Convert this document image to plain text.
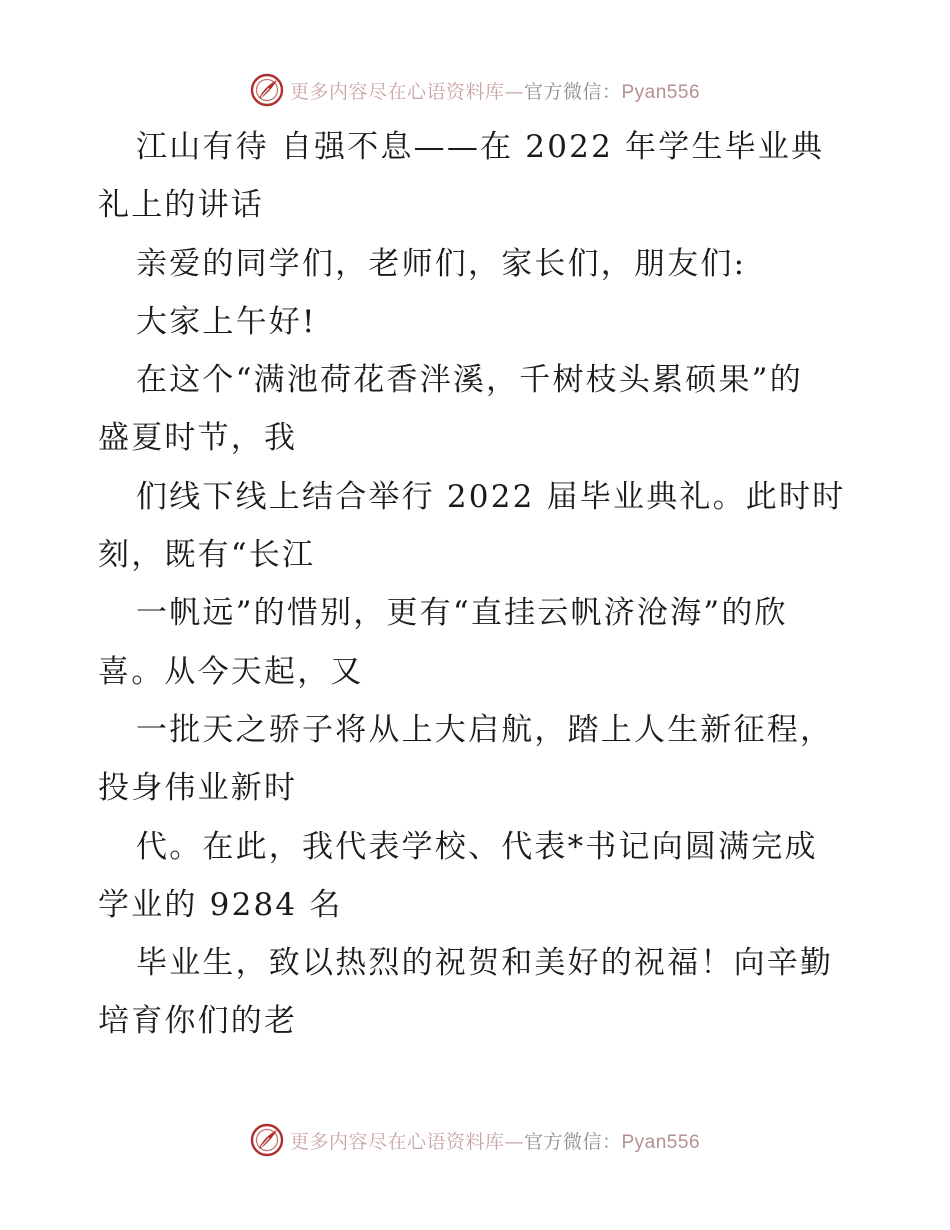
更多内容尽在心语资料库—官方微信：Pyan556
江山有待 自强不息——在 2022 年学生毕业典
礼上的讲话
亲爱的同学们，老师们，家长们，朋友们:
大家上午好!
在这个“满池荷花香泮溪，千树枝头累硕果”的
盛夏时节，我
们线下线上结合举行 2022 届毕业典礼。此时时
刻，既有“长江
一帆远”的惜别，更有“直挂云帆济沧海”的欣
喜。从今天起，又
一批天之骄子将从上大启航，踏上人生新征程，
投身伟业新时
代。在此，我代表学校、代表*书记向圆满完成
学业的 9284 名
毕业生，致以热烈的祝贺和美好的祝福！向辛勤
培育你们的老
更多内容尽在心语资料库—官方微信：Pyan556
